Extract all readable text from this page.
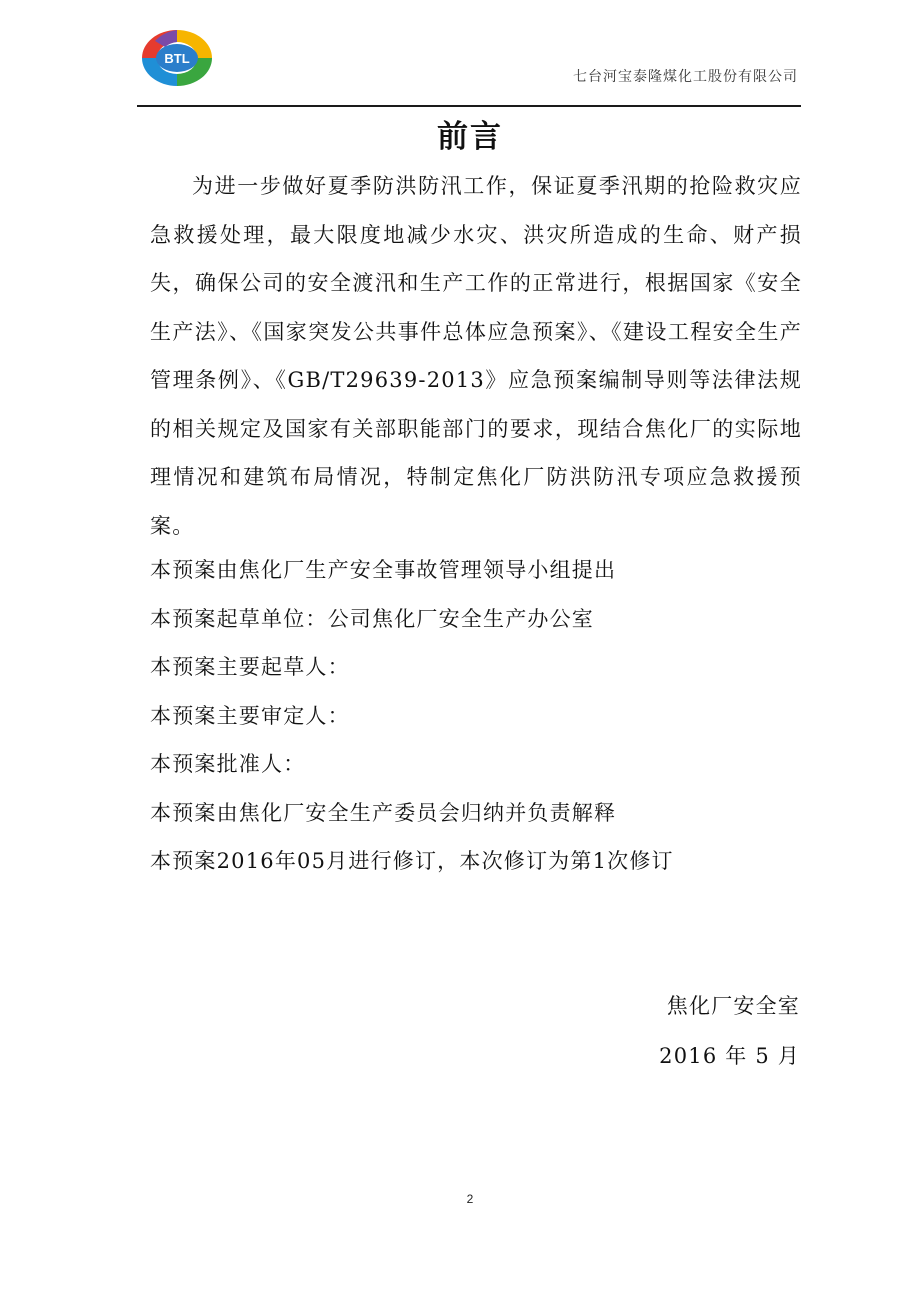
BTL
七台河宝泰隆煤化工股份有限公司
前言

为进一步做好夏季防洪防汛工作，保证夏季汛期的抢险救灾应急救援处理，最大限度地减少水灾、洪灾所造成的生命、财产损失，确保公司的安全渡汛和生产工作的正常进行，根据国家《安全生产法》、《国家突发公共事件总体应急预案》、《建设工程安全生产管理条例》、《GB/T29639-2013》应急预案编制导则等法律法规的相关规定及国家有关部职能部门的要求，现结合焦化厂的实际地理情况和建筑布局情况，特制定焦化厂防洪防汛专项应急救援预案。

本预案由焦化厂生产安全事故管理领导小组提出
本预案起草单位：公司焦化厂安全生产办公室
本预案主要起草人：
本预案主要审定人：
本预案批准人：
本预案由焦化厂安全生产委员会归纳并负责解释
本预案2016年05月进行修订，本次修订为第1次修订
焦化厂安全室
2016 年 5 月
2
